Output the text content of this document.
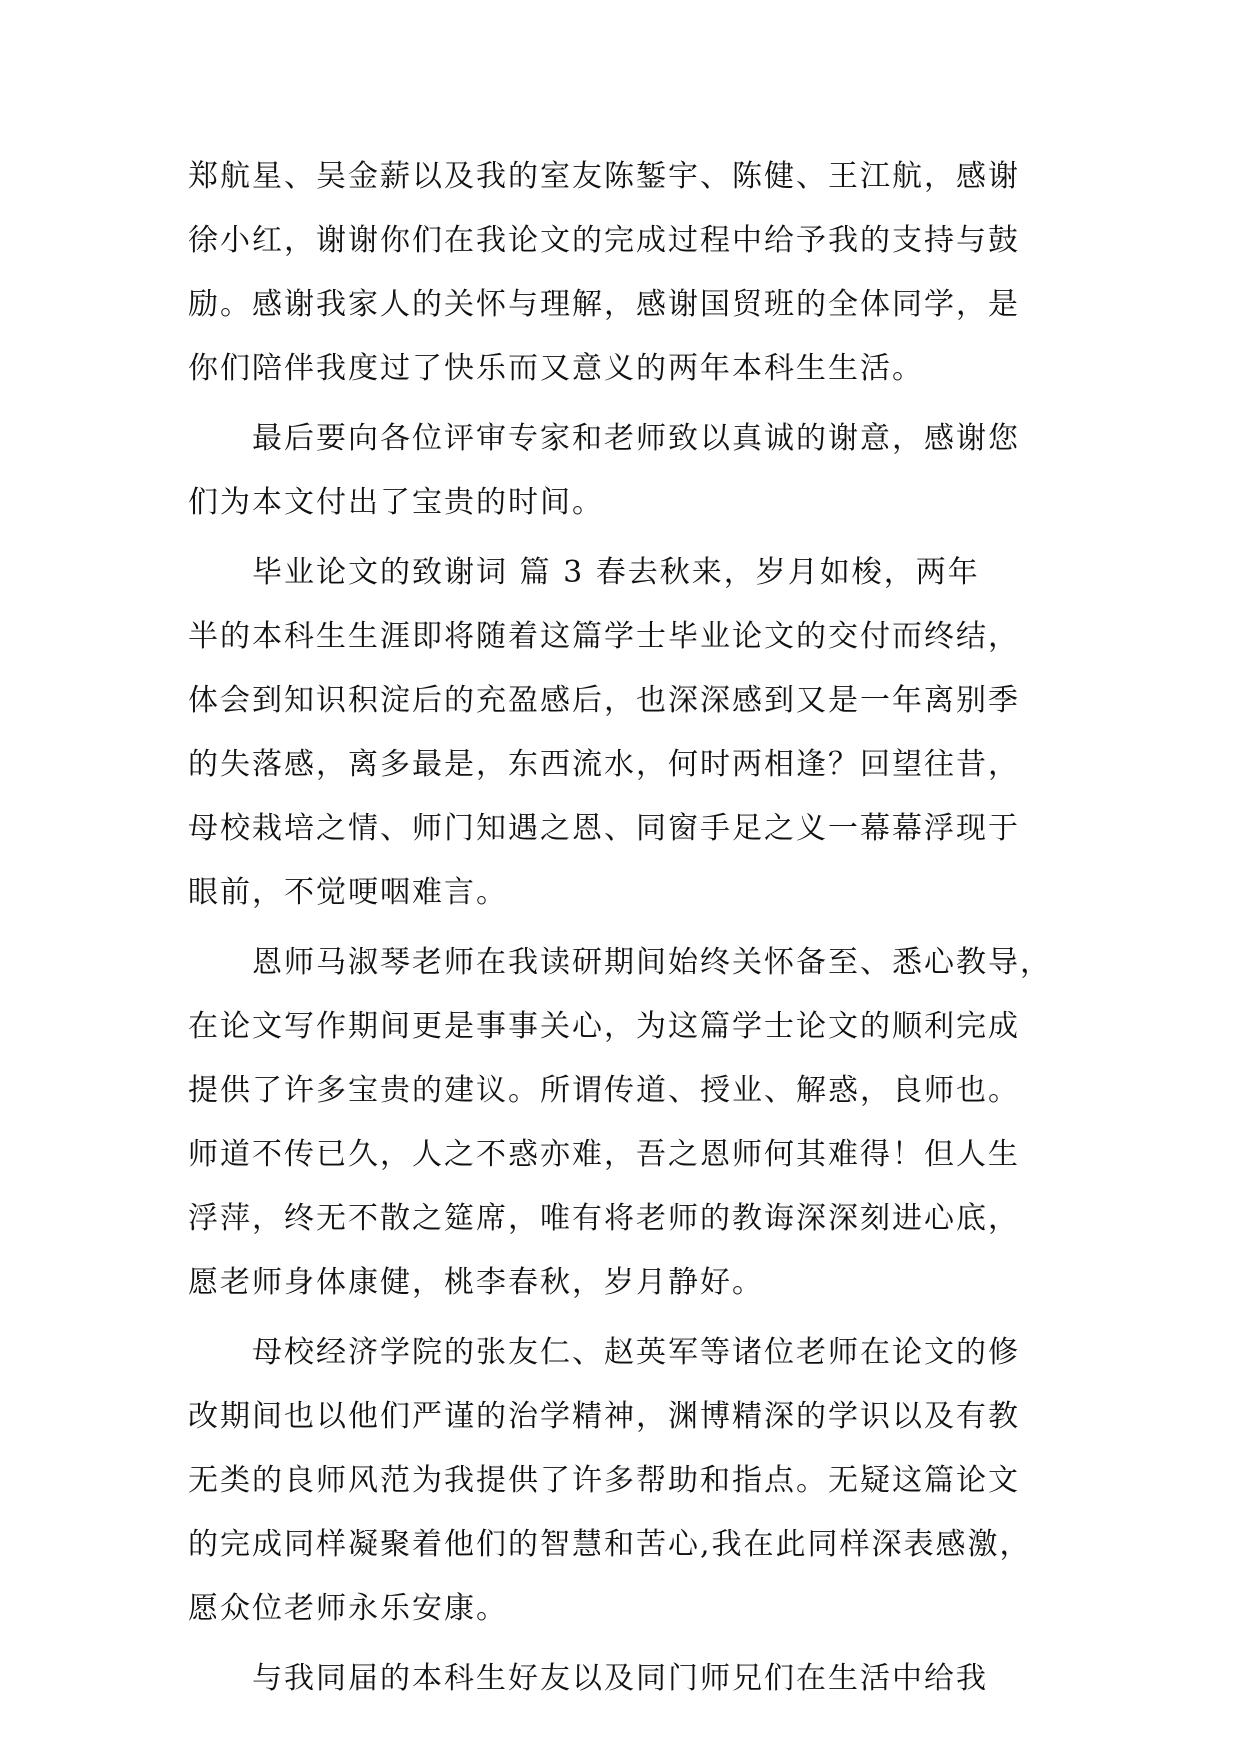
郑航星、吴金薪以及我的室友陈錾宇、陈健、王江航，感谢
徐小红，谢谢你们在我论文的完成过程中给予我的支持与鼓
励。感谢我家人的关怀与理解，感谢国贸班的全体同学，是
你们陪伴我度过了快乐而又意义的两年本科生生活。
最后要向各位评审专家和老师致以真诚的谢意，感谢您
们为本文付出了宝贵的时间。
毕业论文的致谢词 篇 3 春去秋来，岁月如梭，两年
半的本科生生涯即将随着这篇学士毕业论文的交付而终结，
体会到知识积淀后的充盈感后，也深深感到又是一年离别季
的失落感，离多最是，东西流水，何时两相逢？回望往昔，
母校栽培之情、师门知遇之恩、同窗手足之义一幕幕浮现于
眼前，不觉哽咽难言。
恩师马淑琴老师在我读研期间始终关怀备至、悉心教导，
在论文写作期间更是事事关心，为这篇学士论文的顺利完成
提供了许多宝贵的建议。所谓传道、授业、解惑，良师也。
师道不传已久，人之不惑亦难，吾之恩师何其难得！但人生
浮萍，终无不散之筵席，唯有将老师的教诲深深刻进心底，
愿老师身体康健，桃李春秋，岁月静好。
母校经济学院的张友仁、赵英军等诸位老师在论文的修
改期间也以他们严谨的治学精神，渊博精深的学识以及有教
无类的良师风范为我提供了许多帮助和指点。无疑这篇论文
的完成同样凝聚着他们的智慧和苦心,我在此同样深表感激，
愿众位老师永乐安康。
与我同届的本科生好友以及同门师兄们在生活中给我
